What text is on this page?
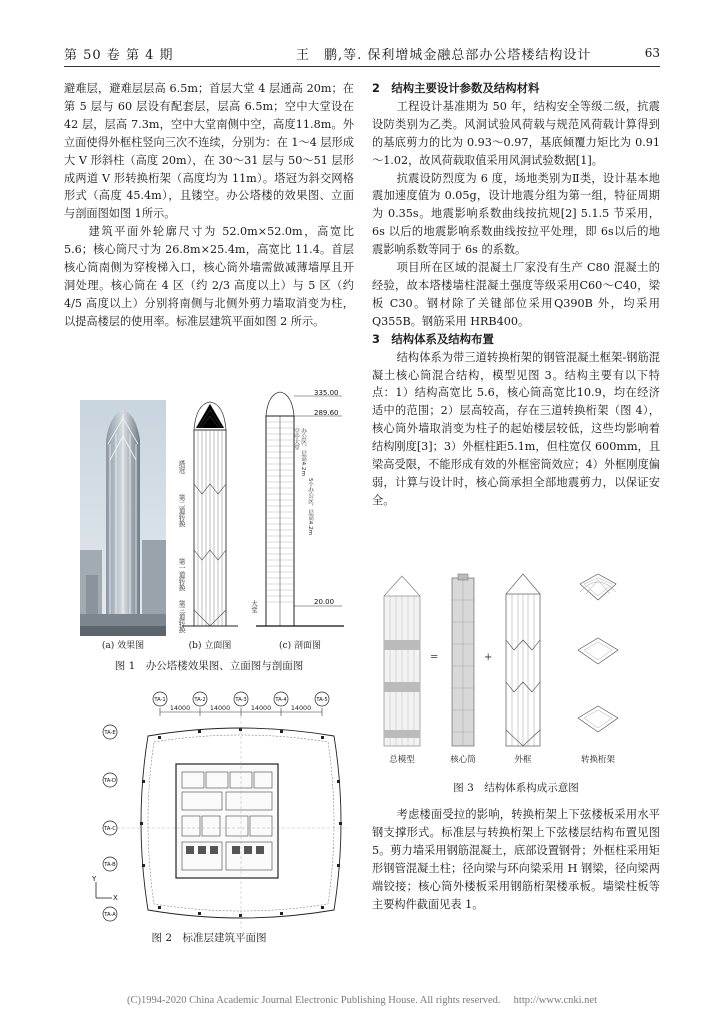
第 50 卷 第 4 期	王　鹏,等. 保利增城金融总部办公塔楼结构设计	63

避难层，避难层层高 6.5m；首层大堂 4 层通高 20m；在第 5 层与 60 层设有配套层，层高 6.5m；空中大堂设在 42 层，层高 7.3m，空中大堂南侧中空，高度11.8m。外立面使得外框柱竖向三次不连续，分别为：在 1～4 层形成大 V 形斜柱（高度 20m），在 30～31 层与 50～51 层形成两道 V 形转换桁架（高度均为 11m）。塔冠为斜交网格形式（高度 45.4m），且镂空。办公塔楼的效果图、立面与剖面图如图 1所示。

建筑平面外轮廓尺寸为 52.0m×52.0m，高宽比5.6；核心筒尺寸为 26.8m×25.4m，高宽比 11.4。首层核心筒南侧为穿梭梯入口，核心筒外墙需做减薄墙厚且开洞处理。核心筒在 4 区（约 2/3 高度以上）与 5 区（约 4/5 高度以上）分别将南侧与北侧外剪力墙取消变为柱，以提高楼层的使用率。标准层建筑平面如图 2 所示。

(a) 效果图
塔冠
第二道转换
第一道转换
第三道转换
(b) 立面图
335.00
289.60
20.00
空中大堂 办公区，层高4.2m
5个办公区，层高4.2m
大堂
(c) 剖面图
图 1　办公塔楼效果图、立面图与剖面图
14000	14000	14000	14000
TA-1	TA-2	TA-3	TA-4	TA-5
TA-E
TA-D
TA-C
TA-B
TA-A
Y
X
图 2　标准层建筑平面图
2　结构主要设计参数及结构材料

工程设计基准期为 50 年，结构安全等级二级，抗震设防类别为乙类。风洞试验风荷载与规范风荷载计算得到的基底剪力的比为 0.93～0.97，基底倾覆力矩比为 0.91～1.02，故风荷载取值采用风洞试验数据[1]。

抗震设防烈度为 6 度，场地类别为Ⅱ类，设计基本地震加速度值为 0.05g，设计地震分组为第一组，特征周期为 0.35s。地震影响系数曲线按抗规[2] 5.1.5 节采用，6s 以后的地震影响系数曲线按拉平处理，即 6s以后的地震影响系数等同于 6s 的系数。

项目所在区域的混凝土厂家没有生产 C80 混凝土的经验，故本塔楼墙柱混凝土强度等级采用C60～C40，梁板 C30。钢材除了关键部位采用Q390B 外，均采用 Q355B。钢筋采用 HRB400。

3　结构体系及结构布置

结构体系为带三道转换桁架的钢管混凝土框架-钢筋混凝土核心筒混合结构，模型见图 3。结构主要有以下特点：1）结构高宽比 5.6，核心筒高宽比10.9，均在经济适中的范围；2）层高较高，存在三道转换桁架（图 4），核心筒外墙取消变为柱子的起始楼层较低，这些均影响着结构刚度[3]；3）外框柱距5.1m，但柱宽仅 600mm，且梁高受限，不能形成有效的外框密筒效应；4）外框刚度偏弱，计算与设计时，核心筒承担全部地震剪力，以保证安全。

=	+
总模型	核心筒	外框	转换桁架
图 3　结构体系构成示意图

考虑楼面受拉的影响，转换桁架上下弦楼板采用水平钢支撑形式。标准层与转换桁架上下弦楼层结构布置见图 5。剪力墙采用钢筋混凝土，底部设置钢骨；外框柱采用矩形钢管混凝土柱；径向梁与环向梁采用 H 钢梁，径向梁两端铰接；核心筒外楼板采用钢筋桁架楼承板。墙梁柱板等主要构件截面见表 1。

(C)1994-2020 China Academic Journal Electronic Publishing House. All rights reserved.　 http://www.cnki.net
